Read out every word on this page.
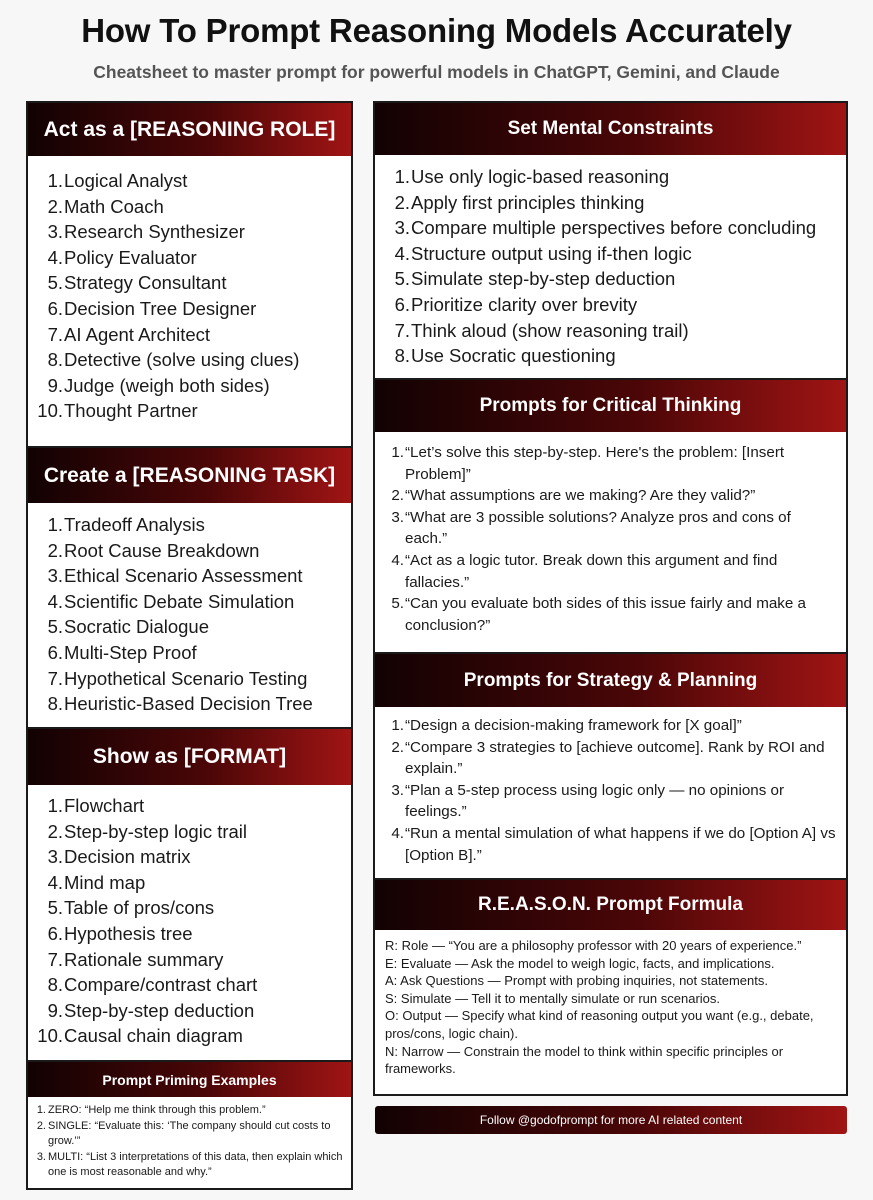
How To Prompt Reasoning Models Accurately
Cheatsheet to master prompt for powerful models in ChatGPT, Gemini, and Claude
Act as a [REASONING ROLE]
1. Logical Analyst
2. Math Coach
3. Research Synthesizer
4. Policy Evaluator
5. Strategy Consultant
6. Decision Tree Designer
7. AI Agent Architect
8. Detective (solve using clues)
9. Judge (weigh both sides)
10. Thought Partner
Create a [REASONING TASK]
1. Tradeoff Analysis
2. Root Cause Breakdown
3. Ethical Scenario Assessment
4. Scientific Debate Simulation
5. Socratic Dialogue
6. Multi-Step Proof
7. Hypothetical Scenario Testing
8. Heuristic-Based Decision Tree
Show as [FORMAT]
1. Flowchart
2. Step-by-step logic trail
3. Decision matrix
4. Mind map
5. Table of pros/cons
6. Hypothesis tree
7. Rationale summary
8. Compare/contrast chart
9. Step-by-step deduction
10. Causal chain diagram
Prompt Priming Examples
1. ZERO: “Help me think through this problem.”
2. SINGLE: “Evaluate this: ‘The company should cut costs to grow.’”
3. MULTI: “List 3 interpretations of this data, then explain which one is most reasonable and why.”
Set Mental Constraints
1. Use only logic-based reasoning
2. Apply first principles thinking
3. Compare multiple perspectives before concluding
4. Structure output using if-then logic
5. Simulate step-by-step deduction
6. Prioritize clarity over brevity
7. Think aloud (show reasoning trail)
8. Use Socratic questioning
Prompts for Critical Thinking
1. “Let’s solve this step-by-step. Here's the problem: [Insert Problem]”
2. “What assumptions are we making? Are they valid?”
3. “What are 3 possible solutions? Analyze pros and cons of each.”
4. “Act as a logic tutor. Break down this argument and find fallacies.”
5. “Can you evaluate both sides of this issue fairly and make a conclusion?”
Prompts for Strategy & Planning
1. “Design a decision-making framework for [X goal]”
2. “Compare 3 strategies to [achieve outcome]. Rank by ROI and explain.”
3. “Plan a 5-step process using logic only — no opinions or feelings.”
4. “Run a mental simulation of what happens if we do [Option A] vs [Option B].”
R.E.A.S.O.N. Prompt Formula
R: Role — “You are a philosophy professor with 20 years of experience.”
E: Evaluate — Ask the model to weigh logic, facts, and implications.
A: Ask Questions — Prompt with probing inquiries, not statements.
S: Simulate — Tell it to mentally simulate or run scenarios.
O: Output — Specify what kind of reasoning output you want (e.g., debate, pros/cons, logic chain).
N: Narrow — Constrain the model to think within specific principles or frameworks.
Follow @godofprompt for more AI related content
